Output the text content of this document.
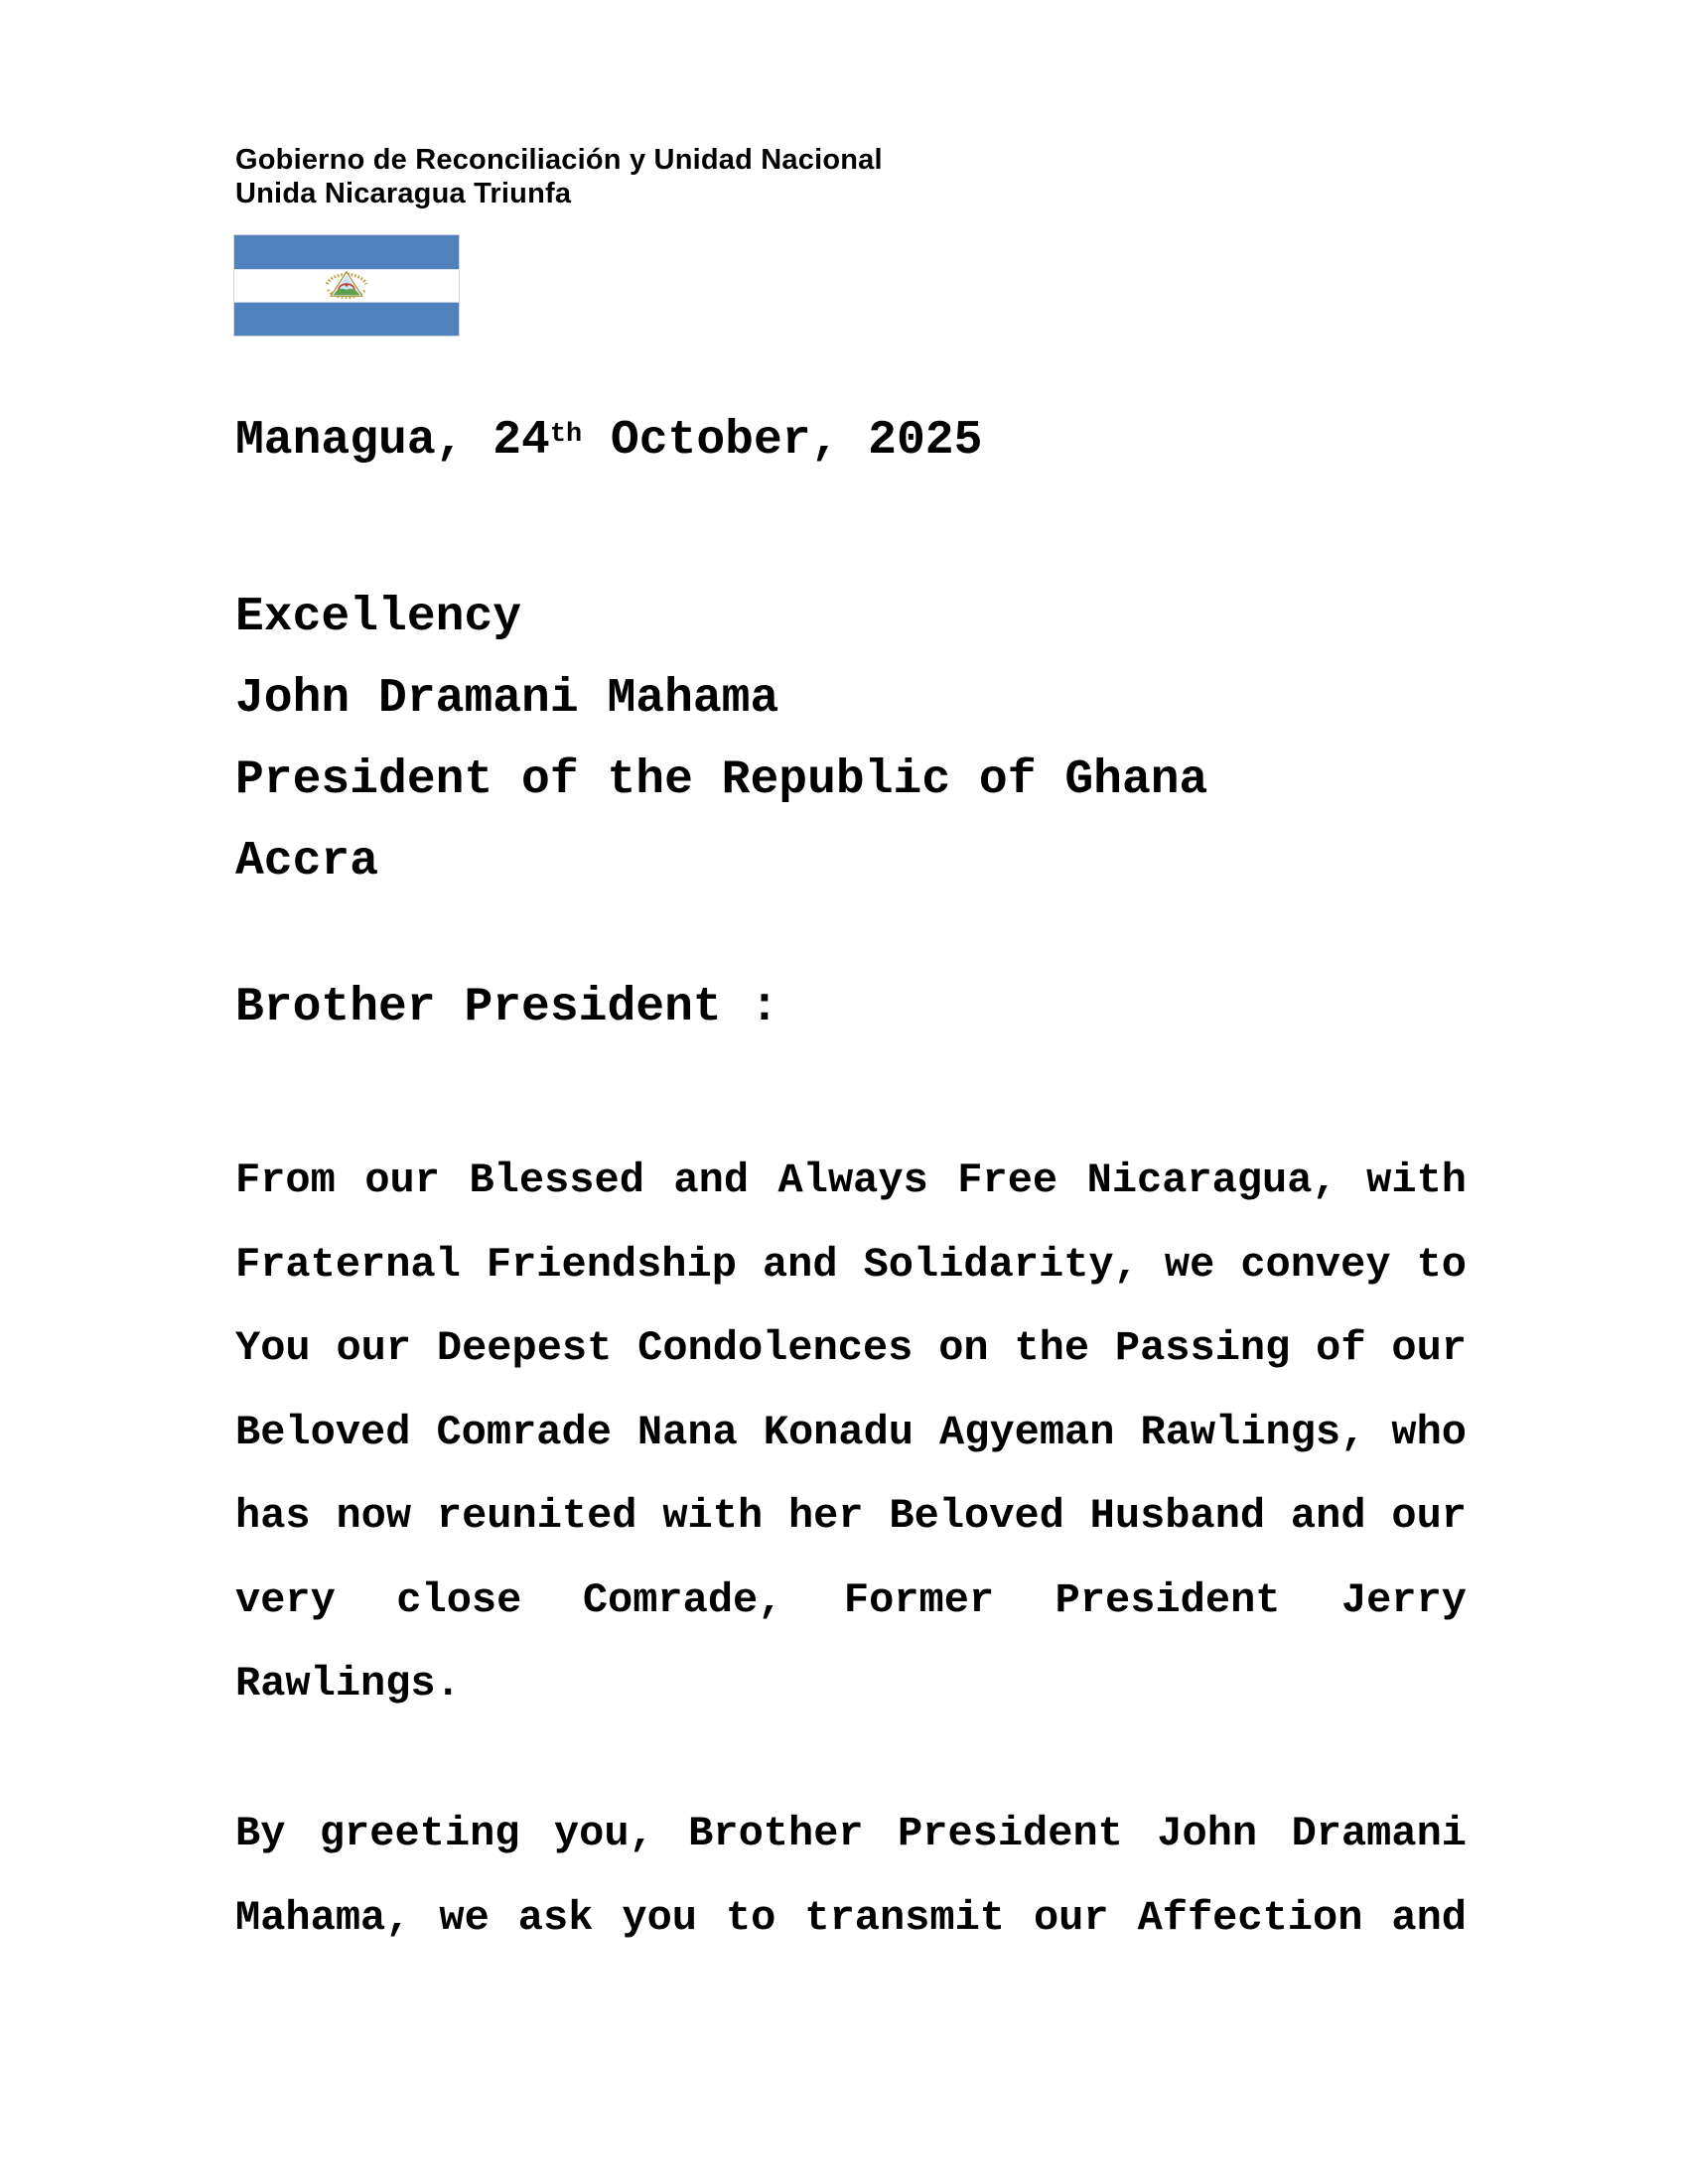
Gobierno de Reconciliación y Unidad Nacional
Unida Nicaragua Triunfa
Managua, 24th October, 2025
Excellency
John Dramani Mahama
President of the Republic of Ghana
Accra
Brother President :
From our Blessed and Always Free Nicaragua, with
Fraternal Friendship and Solidarity, we convey to
You our Deepest Condolences on the Passing of our
Beloved Comrade Nana Konadu Agyeman Rawlings, who
has now reunited with her Beloved Husband and our
very close Comrade, Former President Jerry
Rawlings.
By greeting you, Brother President John Dramani
Mahama, we ask you to transmit our Affection and
